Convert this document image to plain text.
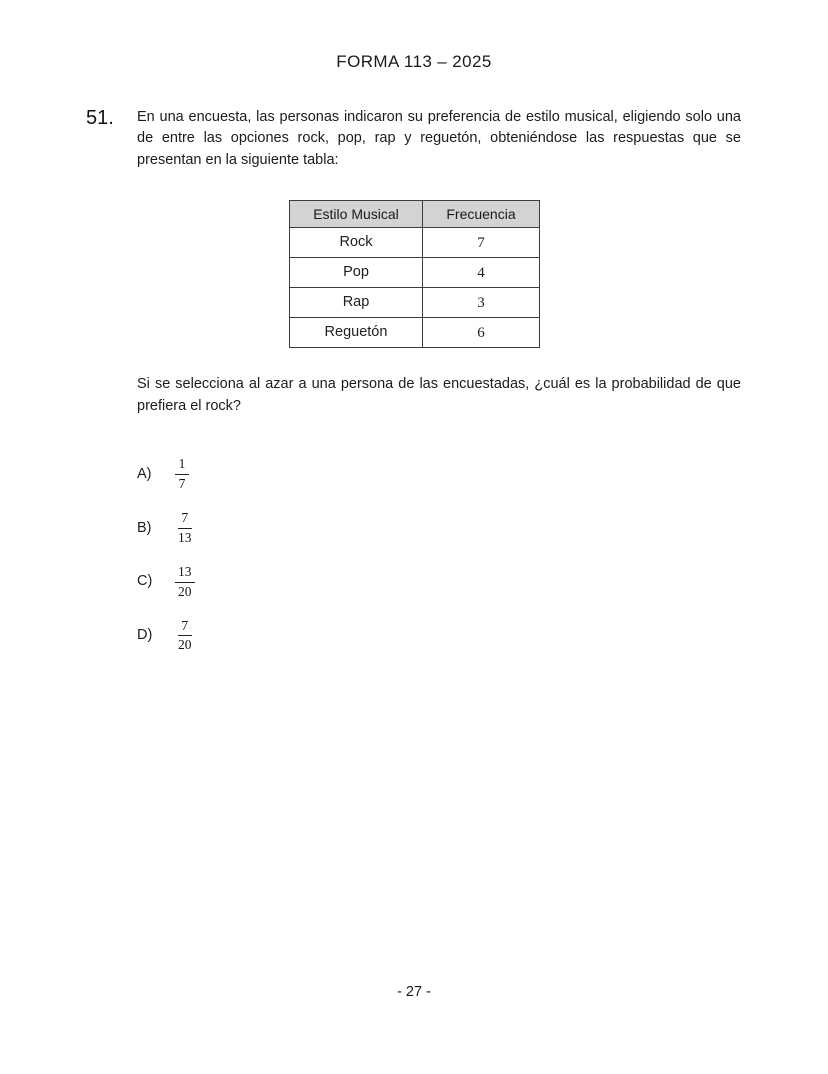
FORMA 113 – 2025
51.	En una encuesta, las personas indicaron su preferencia de estilo musical, eligiendo solo una de entre las opciones rock, pop, rap y reguetón, obteniéndose las respuestas que se presentan en la siguiente tabla:

Estilo Musical	Frecuencia
Rock	7
Pop	4
Rap	3
Reguetón	6

Si se selecciona al azar a una persona de las encuestadas, ¿cuál es la probabilidad de que prefiera el rock?

A)	$\frac{1}{7}$
B)	$\frac{7}{13}$
C)	$\frac{13}{20}$
D)	$\frac{7}{20}$
- 27 -
